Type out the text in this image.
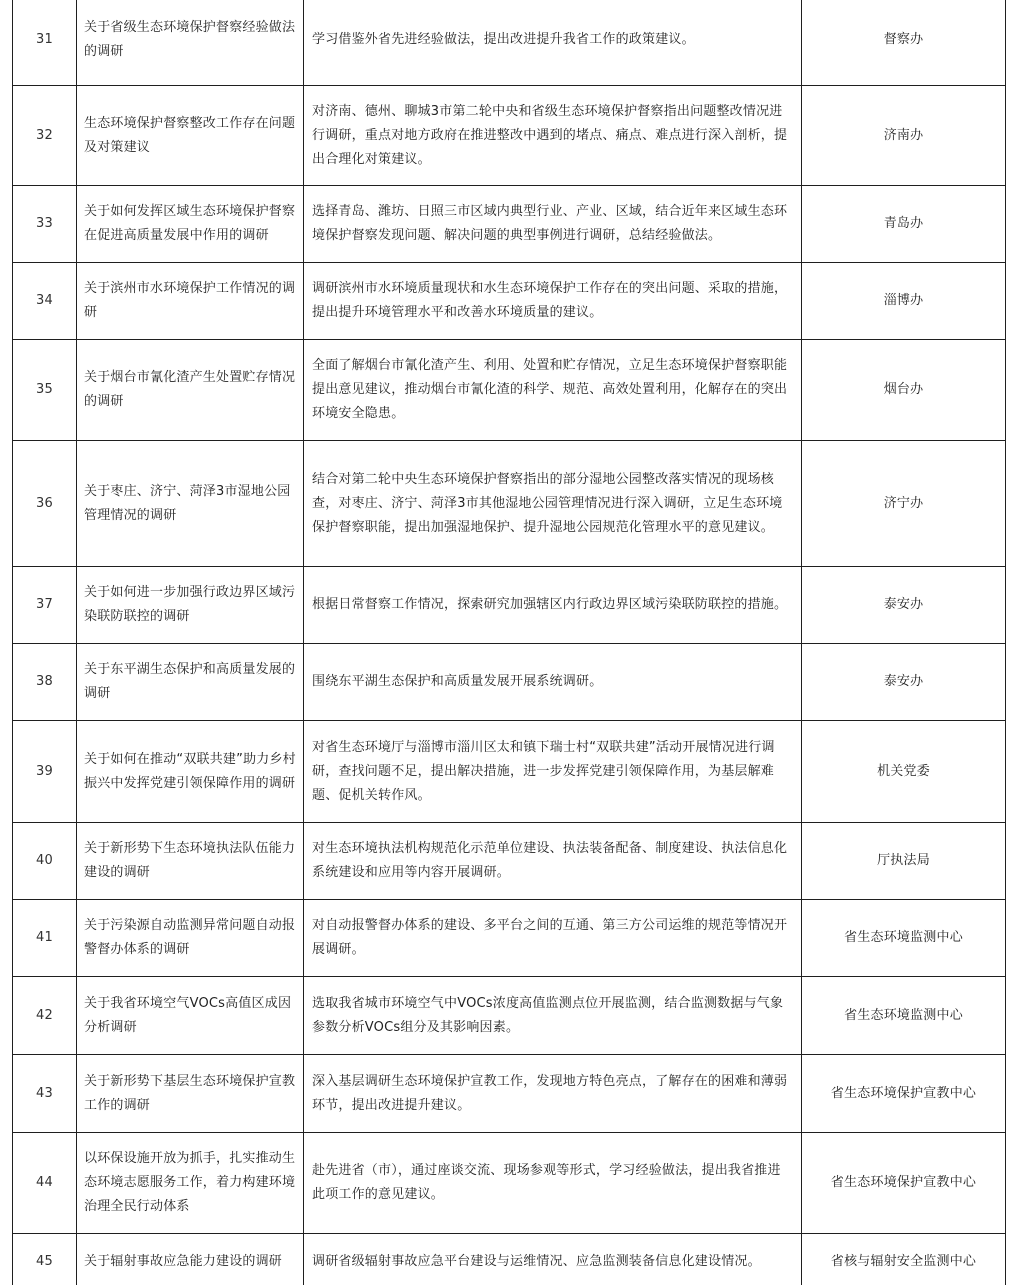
31	关于省级生态环境保护督察经验做法的调研	学习借鉴外省先进经验做法，提出改进提升我省工作的政策建议。	督察办
32	生态环境保护督察整改工作存在问题及对策建议	对济南、德州、聊城3市第二轮中央和省级生态环境保护督察指出问题整改情况进行调研，重点对地方政府在推进整改中遇到的堵点、痛点、难点进行深入剖析，提出合理化对策建议。	济南办
33	关于如何发挥区域生态环境保护督察在促进高质量发展中作用的调研	选择青岛、潍坊、日照三市区域内典型行业、产业、区域，结合近年来区域生态环境保护督察发现问题、解决问题的典型事例进行调研，总结经验做法。	青岛办
34	关于滨州市水环境保护工作情况的调研	调研滨州市水环境质量现状和水生态环境保护工作存在的突出问题、采取的措施，提出提升环境管理水平和改善水环境质量的建议。	淄博办
35	关于烟台市氰化渣产生处置贮存情况的调研	全面了解烟台市氰化渣产生、利用、处置和贮存情况，立足生态环境保护督察职能提出意见建议，推动烟台市氰化渣的科学、规范、高效处置利用，化解存在的突出环境安全隐患。	烟台办
36	关于枣庄、济宁、菏泽3市湿地公园管理情况的调研	结合对第二轮中央生态环境保护督察指出的部分湿地公园整改落实情况的现场核查，对枣庄、济宁、菏泽3市其他湿地公园管理情况进行深入调研，立足生态环境保护督察职能，提出加强湿地保护、提升湿地公园规范化管理水平的意见建议。	济宁办
37	关于如何进一步加强行政边界区域污染联防联控的调研	根据日常督察工作情况，探索研究加强辖区内行政边界区域污染联防联控的措施。	泰安办
38	关于东平湖生态保护和高质量发展的调研	围绕东平湖生态保护和高质量发展开展系统调研。	泰安办
39	关于如何在推动“双联共建”助力乡村振兴中发挥党建引领保障作用的调研	对省生态环境厅与淄博市淄川区太和镇下瑞士村“双联共建”活动开展情况进行调研，查找问题不足，提出解决措施，进一步发挥党建引领保障作用，为基层解难题、促机关转作风。	机关党委
40	关于新形势下生态环境执法队伍能力建设的调研	对生态环境执法机构规范化示范单位建设、执法装备配备、制度建设、执法信息化系统建设和应用等内容开展调研。	厅执法局
41	关于污染源自动监测异常问题自动报警督办体系的调研	对自动报警督办体系的建设、多平台之间的互通、第三方公司运维的规范等情况开展调研。	省生态环境监测中心
42	关于我省环境空气VOCs高值区成因分析调研	选取我省城市环境空气中VOCs浓度高值监测点位开展监测，结合监测数据与气象参数分析VOCs组分及其影响因素。	省生态环境监测中心
43	关于新形势下基层生态环境保护宣教工作的调研	深入基层调研生态环境保护宣教工作，发现地方特色亮点，了解存在的困难和薄弱环节，提出改进提升建议。	省生态环境保护宣教中心
44	以环保设施开放为抓手，扎实推动生态环境志愿服务工作，着力构建环境治理全民行动体系	赴先进省（市），通过座谈交流、现场参观等形式，学习经验做法，提出我省推进此项工作的意见建议。	省生态环境保护宣教中心
45	关于辐射事故应急能力建设的调研	调研省级辐射事故应急平台建设与运维情况、应急监测装备信息化建设情况。	省核与辐射安全监测中心
